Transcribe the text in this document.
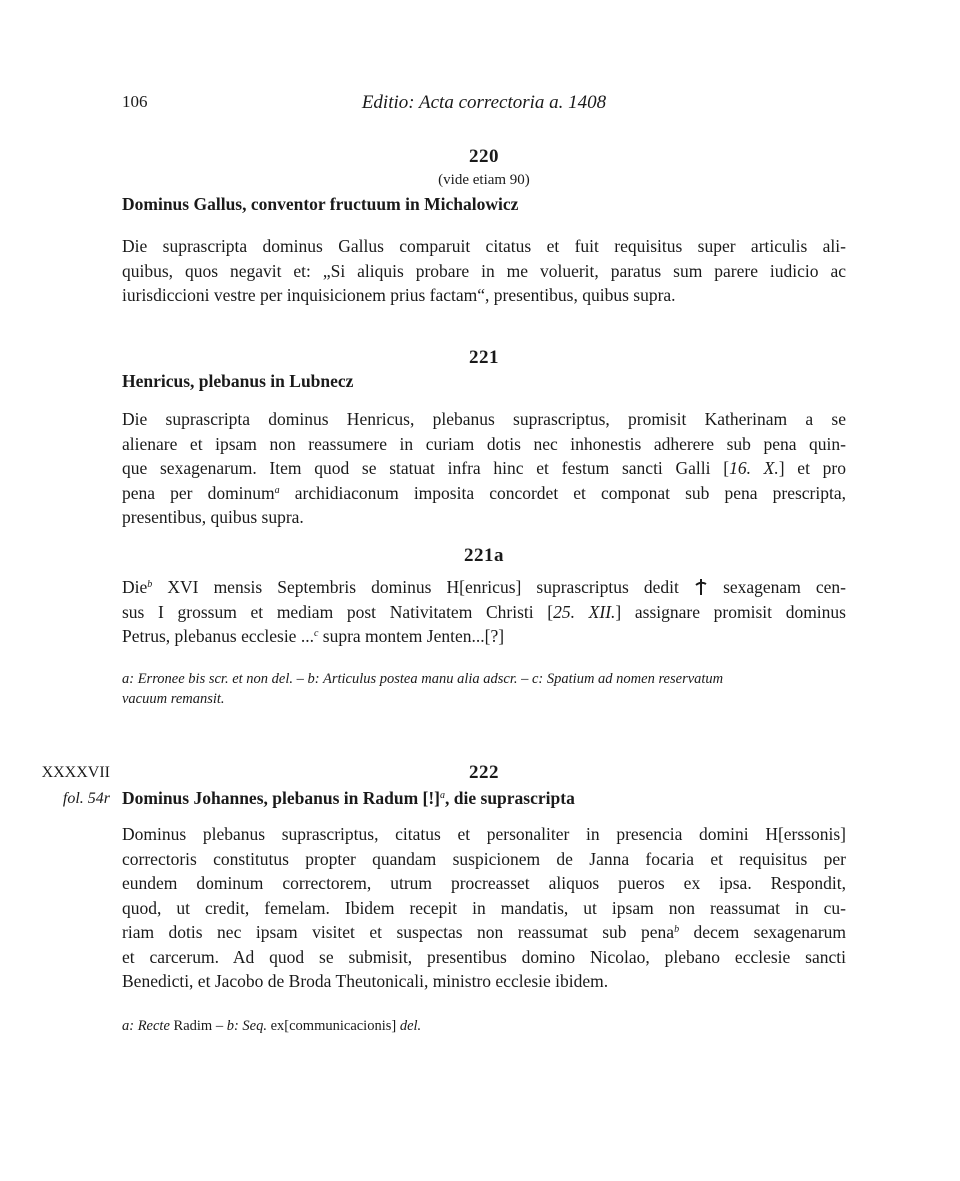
106	Editio: Acta correctoria a. 1408
220
(vide etiam 90)
Dominus Gallus, conventor fructuum in Michalowicz
Die suprascripta dominus Gallus comparuit citatus et fuit requisitus super articulis ali-
quibus, quos negavit et: „Si aliquis probare in me voluerit, paratus sum parere iudicio ac
iurisdiccioni vestre per inquisicionem prius factam“, presentibus, quibus supra.
221
Henricus, plebanus in Lubnecz
Die suprascripta dominus Henricus, plebanus suprascriptus, promisit Katherinam a se
alienare et ipsam non reassumere in curiam dotis nec inhonestis adherere sub pena quin-
que sexagenarum. Item quod se statuat infra hinc et festum sancti Galli [16. X.] et pro
pena per dominum$^a$ archidiaconum imposita concordet et componat sub pena prescripta,
presentibus, quibus supra.
221a
Die$^b$ XVI mensis Septembris dominus H[enricus] suprascriptus dedit  sexagenam cen-
sus I grossum et mediam post Nativitatem Christi [25. XII.] assignare promisit dominus
Petrus, plebanus ecclesie ...$^c$ supra montem Jenten...[?]
a: Erronee bis scr. et non del. – b: Articulus postea manu alia adscr. – c: Spatium ad nomen reservatum
vacuum remansit.
XXXXVII
fol. 54r
222
Dominus Johannes, plebanus in Radum [!]$^a$, die suprascripta
Dominus plebanus suprascriptus, citatus et personaliter in presencia domini H[erssonis]
correctoris constitutus propter quandam suspicionem de Janna focaria et requisitus per
eundem dominum correctorem, utrum procreasset aliquos pueros ex ipsa. Respondit,
quod, ut credit, femelam. Ibidem recepit in mandatis, ut ipsam non reassumat in cu-
riam dotis nec ipsam visitet et suspectas non reassumat sub pena$^b$ decem sexagenarum
et carcerum. Ad quod se submisit, presentibus domino Nicolao, plebano ecclesie sancti
Benedicti, et Jacobo de Broda Theutonicali, ministro ecclesie ibidem.
a: Recte Radim – b: Seq. ex[communicacionis] del.
